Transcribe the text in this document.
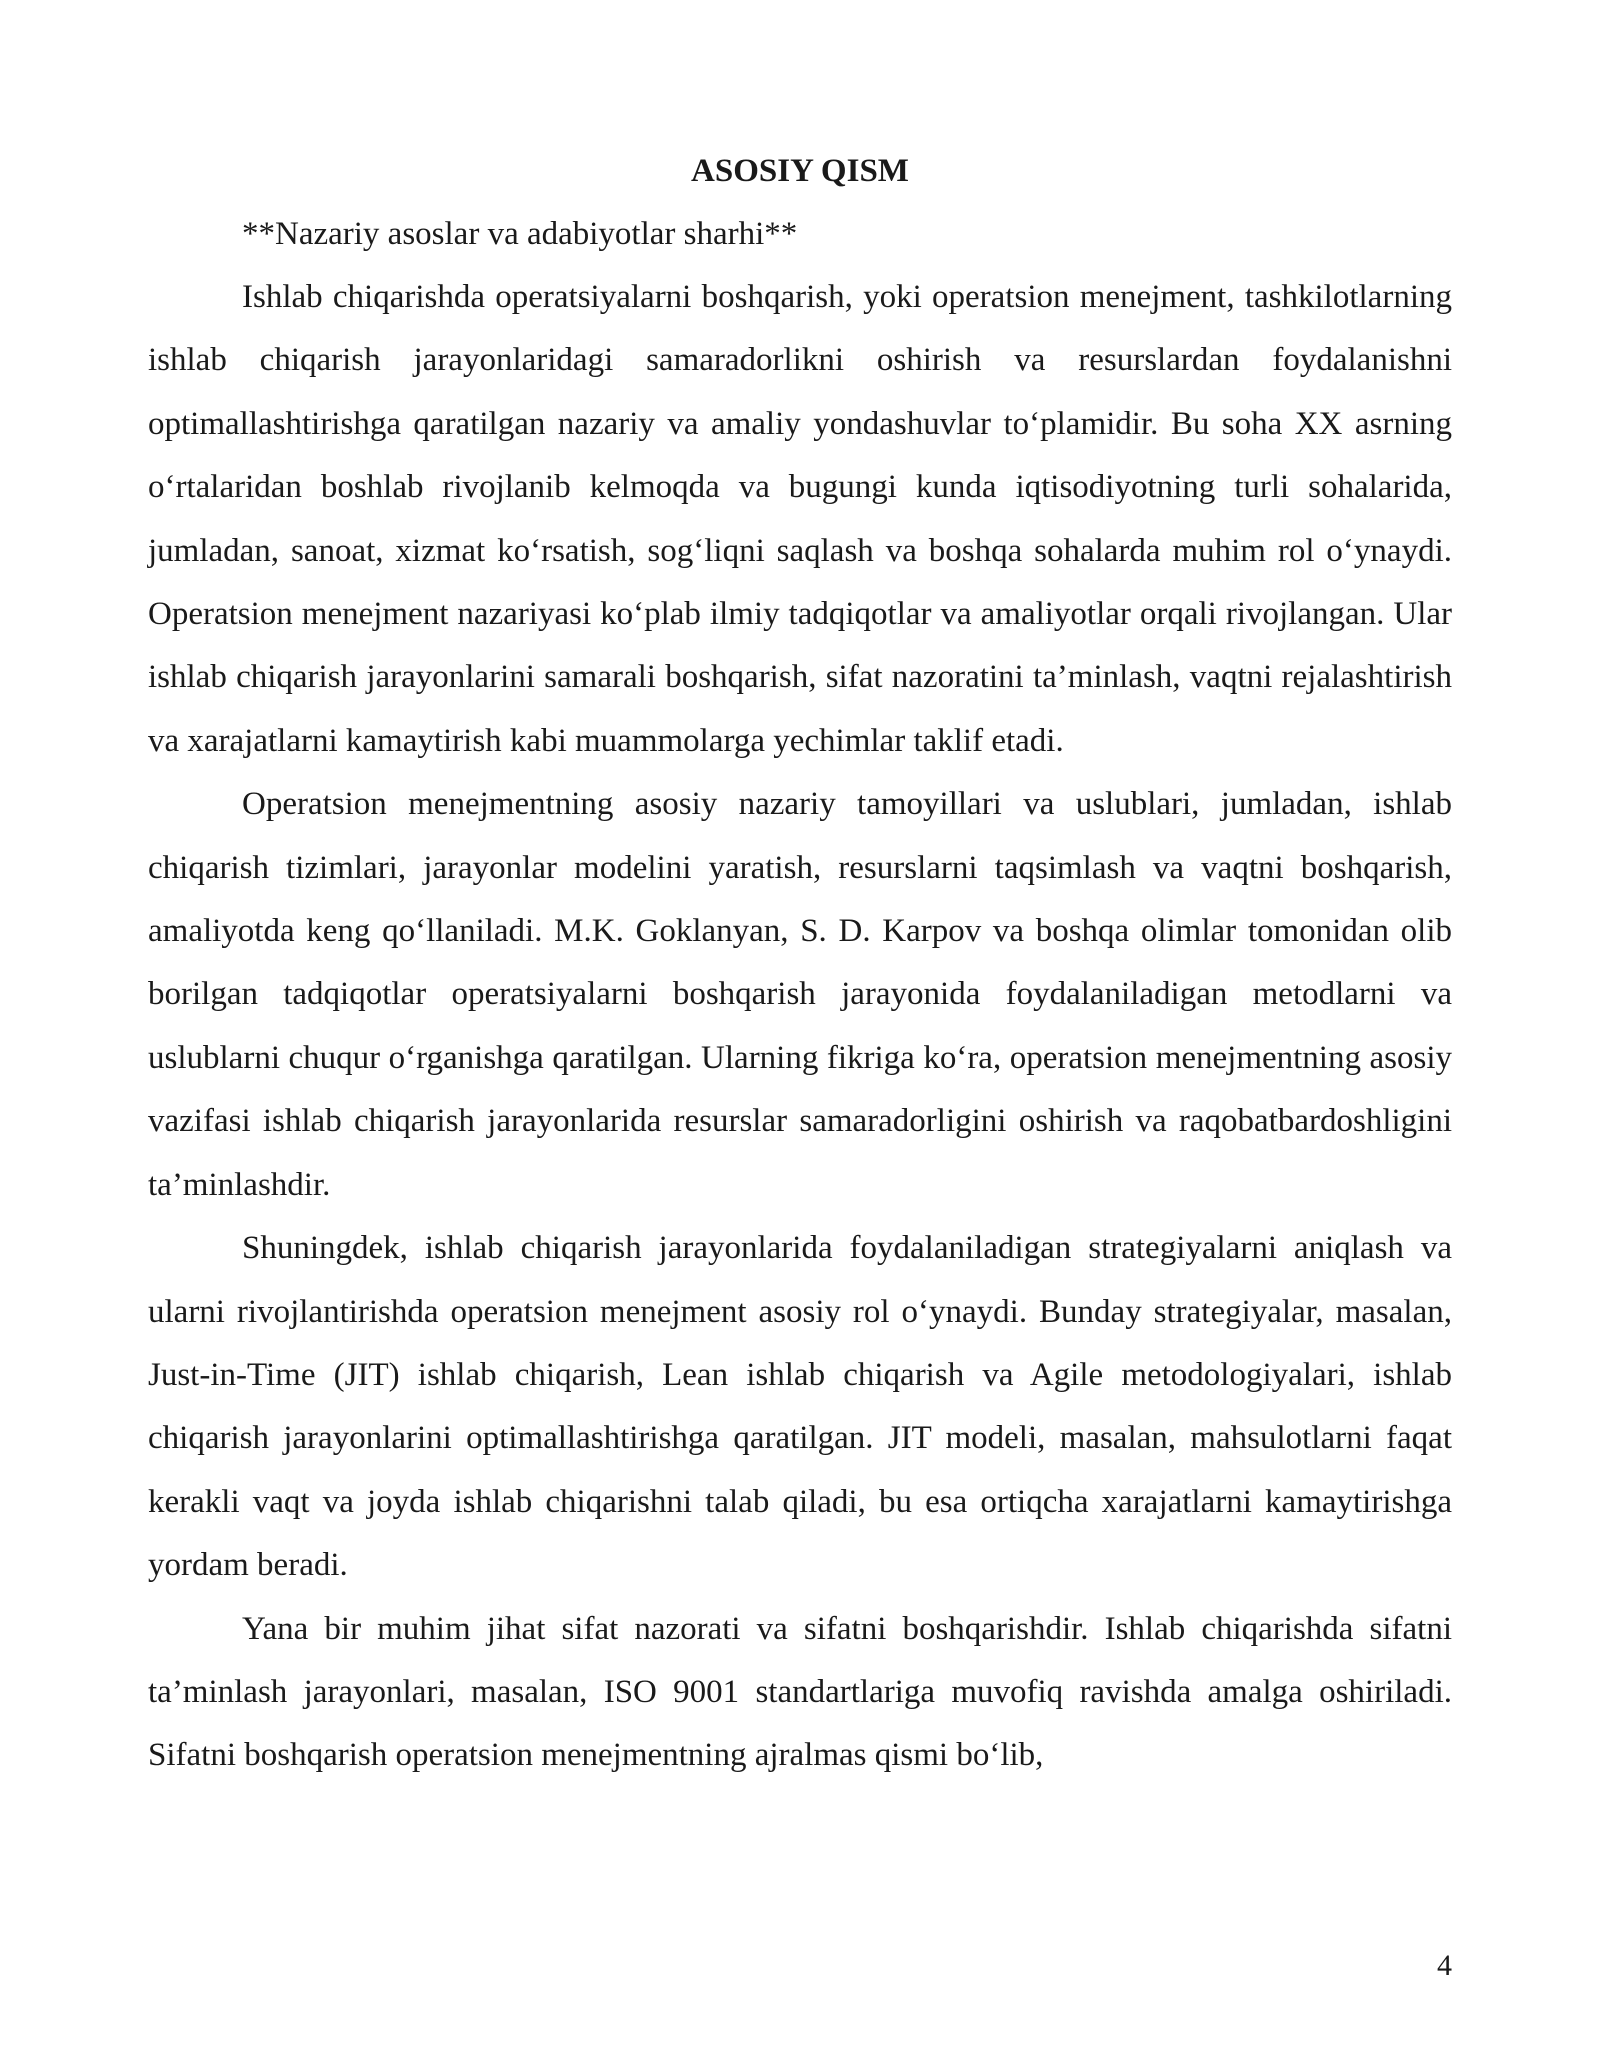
ASOSIY QISM

**Nazariy asoslar va adabiyotlar sharhi**

Ishlab chiqarishda operatsiyalarni boshqarish, yoki operatsion menejment, tashkilotlarning ishlab chiqarish jarayonlaridagi samaradorlikni oshirish va resurslardan foydalanishni optimallashtirishga qaratilgan nazariy va amaliy yondashuvlar to‘plamidir. Bu soha XX asrning o‘rtalaridan boshlab rivojlanib kelmoqda va bugungi kunda iqtisodiyotning turli sohalarida, jumladan, sanoat, xizmat ko‘rsatish, sog‘liqni saqlash va boshqa sohalarda muhim rol o‘ynaydi. Operatsion menejment nazariyasi ko‘plab ilmiy tadqiqotlar va amaliyotlar orqali rivojlangan. Ular ishlab chiqarish jarayonlarini samarali boshqarish, sifat nazoratini ta’minlash, vaqtni rejalashtirish va xarajatlarni kamaytirish kabi muammolarga yechimlar taklif etadi.

Operatsion menejmentning asosiy nazariy tamoyillari va uslublari, jumladan, ishlab chiqarish tizimlari, jarayonlar modelini yaratish, resurslarni taqsimlash va vaqtni boshqarish, amaliyotda keng qo‘llaniladi. M.K. Goklanyan, S. D. Karpov va boshqa olimlar tomonidan olib borilgan tadqiqotlar operatsiyalarni boshqarish jarayonida foydalaniladigan metodlarni va uslublarni chuqur o‘rganishga qaratilgan. Ularning fikriga ko‘ra, operatsion menejmentning asosiy vazifasi ishlab chiqarish jarayonlarida resurslar samaradorligini oshirish va raqobatbardoshligini ta’minlashdir.

Shuningdek, ishlab chiqarish jarayonlarida foydalaniladigan strategiyalarni aniqlash va ularni rivojlantirishda operatsion menejment asosiy rol o‘ynaydi. Bunday strategiyalar, masalan, Just-in-Time (JIT) ishlab chiqarish, Lean ishlab chiqarish va Agile metodologiyalari, ishlab chiqarish jarayonlarini optimallashtirishga qaratilgan. JIT modeli, masalan, mahsulotlarni faqat kerakli vaqt va joyda ishlab chiqarishni talab qiladi, bu esa ortiqcha xarajatlarni kamaytirishga yordam beradi.

Yana bir muhim jihat sifat nazorati va sifatni boshqarishdir. Ishlab chiqarishda sifatni ta’minlash jarayonlari, masalan, ISO 9001 standartlariga muvofiq ravishda amalga oshiriladi. Sifatni boshqarish operatsion menejmentning ajralmas qismi bo‘lib,

4
